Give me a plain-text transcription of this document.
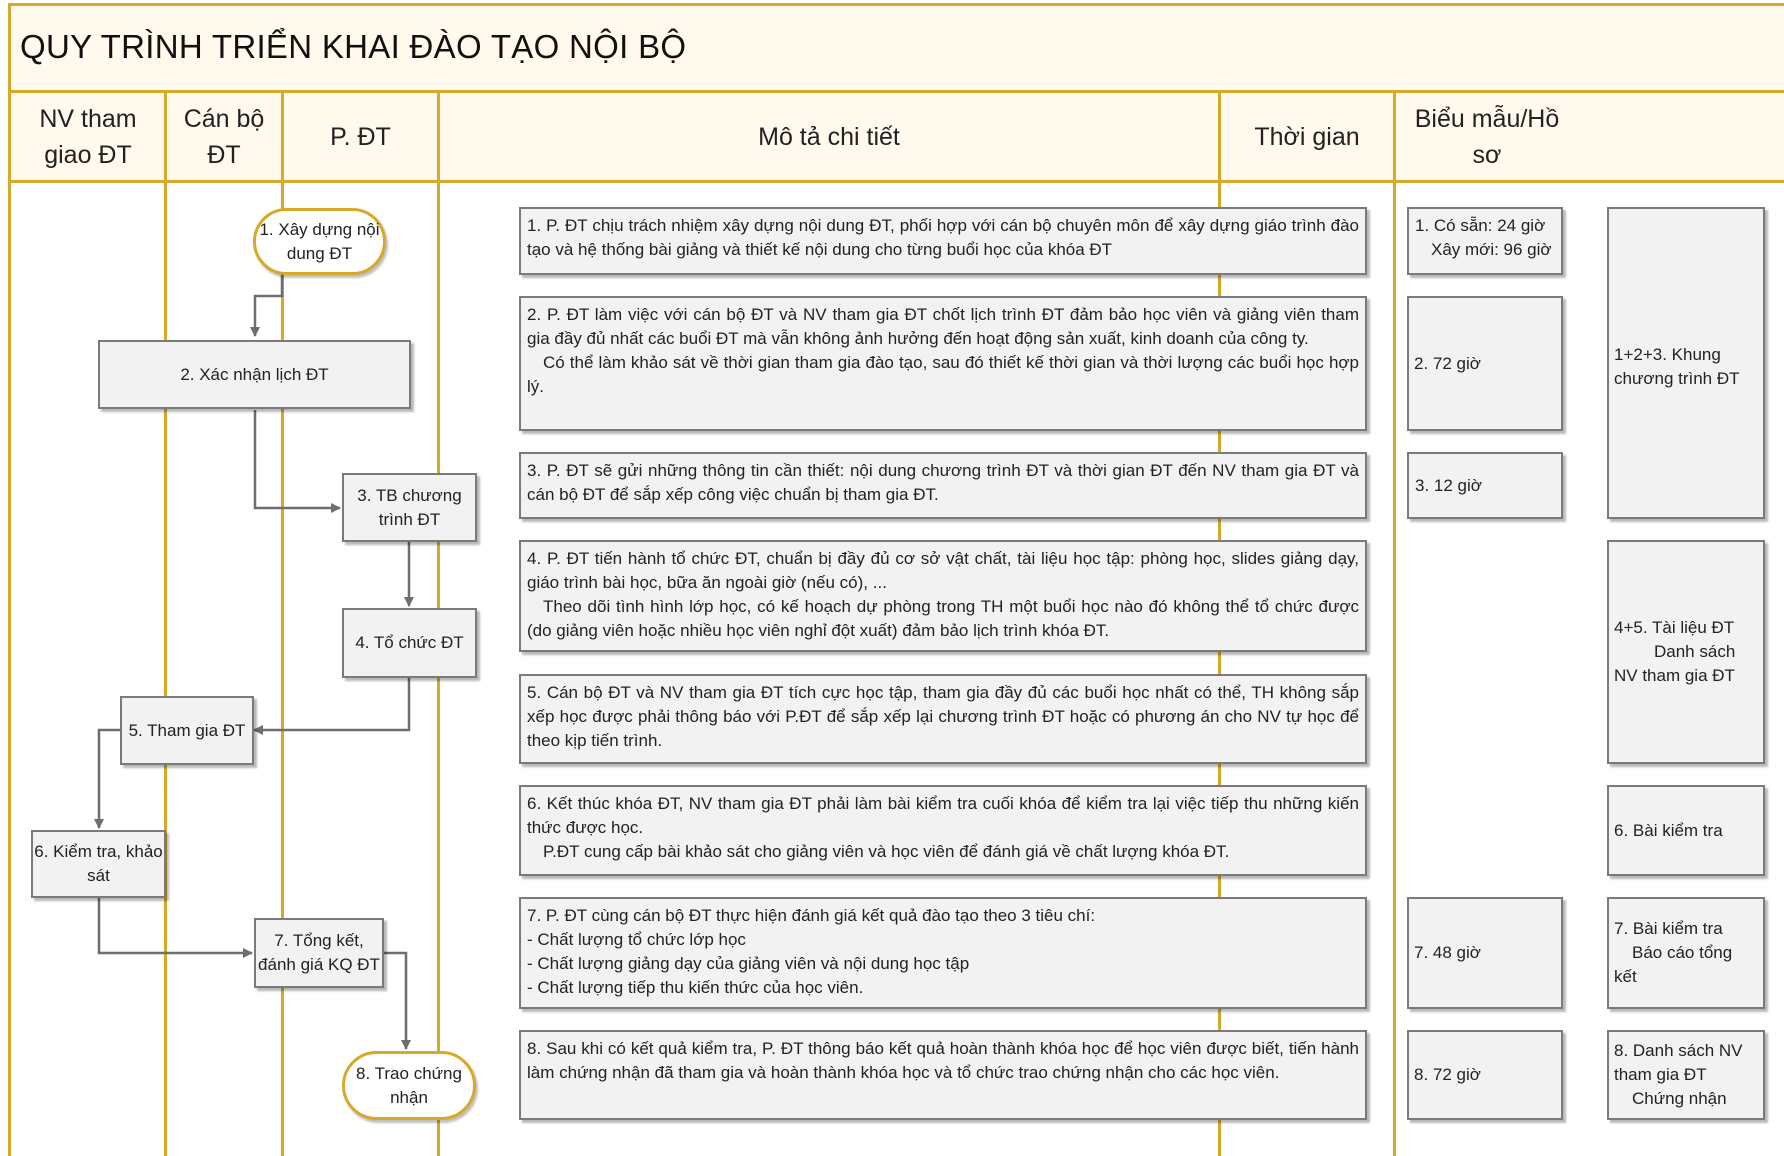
QUY TRÌNH TRIỂN KHAI ĐÀO TẠO NỘI BỘ
NV tham giao ĐT
Cán bộ ĐT
P. ĐT	Mô tả chi tiết	Thời gian
Biểu mẫu/Hồ sơ
1. Xây dựng nội dung ĐT
2. Xác nhận lịch ĐT
3. TB chương trình ĐT
4. Tổ chức ĐT
5. Tham gia ĐT
6. Kiểm tra, khảo sát
7. Tổng kết, đánh giá KQ ĐT
8. Trao chứng nhận

1. P. ĐT chịu trách nhiệm xây dựng nội dung ĐT, phối hợp với cán bộ chuyên môn để xây dựng giáo trình đào tạo và hệ thống bài giảng và thiết kế nội dung cho từng buổi học của khóa ĐT

2. P. ĐT làm việc với cán bộ ĐT và NV tham gia ĐT chốt lịch trình ĐT đảm bảo học viên và giảng viên tham gia đầy đủ nhất các buổi ĐT mà vẫn không ảnh hưởng đến hoạt động sản xuất, kinh doanh của công ty.

Có thể làm khảo sát về thời gian tham gia đào tạo, sau đó thiết kế thời gian và thời lượng các buổi học hợp lý.

3. P. ĐT sẽ gửi những thông tin cần thiết: nội dung chương trình ĐT và thời gian ĐT đến NV tham gia ĐT và cán bộ ĐT để sắp xếp công việc chuẩn bị tham gia ĐT.

4. P. ĐT tiến hành tổ chức ĐT, chuẩn bị đầy đủ cơ sở vật chất, tài liệu học tập: phòng học, slides giảng dạy, giáo trình bài học, bữa ăn ngoài giờ (nếu có), ...

Theo dõi tình hình lớp học, có kế hoạch dự phòng trong TH một buổi học nào đó không thể tổ chức được (do giảng viên hoặc nhiều học viên nghỉ đột xuất) đảm bảo lịch trình khóa ĐT.

5. Cán bộ ĐT và NV tham gia ĐT tích cực học tập, tham gia đầy đủ các buổi học nhất có thể, TH không sắp xếp học được phải thông báo với P.ĐT để sắp xếp lại chương trình ĐT hoặc có phương án cho NV tự học để theo kịp tiến trình.

6. Kết thúc khóa ĐT, NV tham gia ĐT phải làm bài kiểm tra cuối khóa để kiểm tra lại việc tiếp thu những kiến thức được học.

P.ĐT cung cấp bài khảo sát cho giảng viên và học viên để đánh giá về chất lượng khóa ĐT.

7. P. ĐT cùng cán bộ ĐT thực hiện đánh giá kết quả đào tạo theo 3 tiêu chí:

- Chất lượng tổ chức lớp học

- Chất lượng giảng dạy của giảng viên và nội dung học tập

- Chất lượng tiếp thu kiến thức của học viên.

8. Sau khi có kết quả kiểm tra, P. ĐT thông báo kết quả hoàn thành khóa học để học viên được biết, tiến hành làm chứng nhận đã tham gia và hoàn thành khóa học và tổ chức trao chứng nhận cho các học viên.

1. Có sẵn: 24 giờ
Xây mới: 96 giờ
2. 72 giờ
3. 12 giờ
7. 48 giờ
8. 72 giờ
1+2+3. Khung chương trình ĐT
4+5. Tài liệu ĐT
Danh sách NV tham gia ĐT
6. Bài kiểm tra
7. Bài kiểm tra
Báo cáo tổng kết
8. Danh sách NV tham gia ĐT
Chứng nhận
